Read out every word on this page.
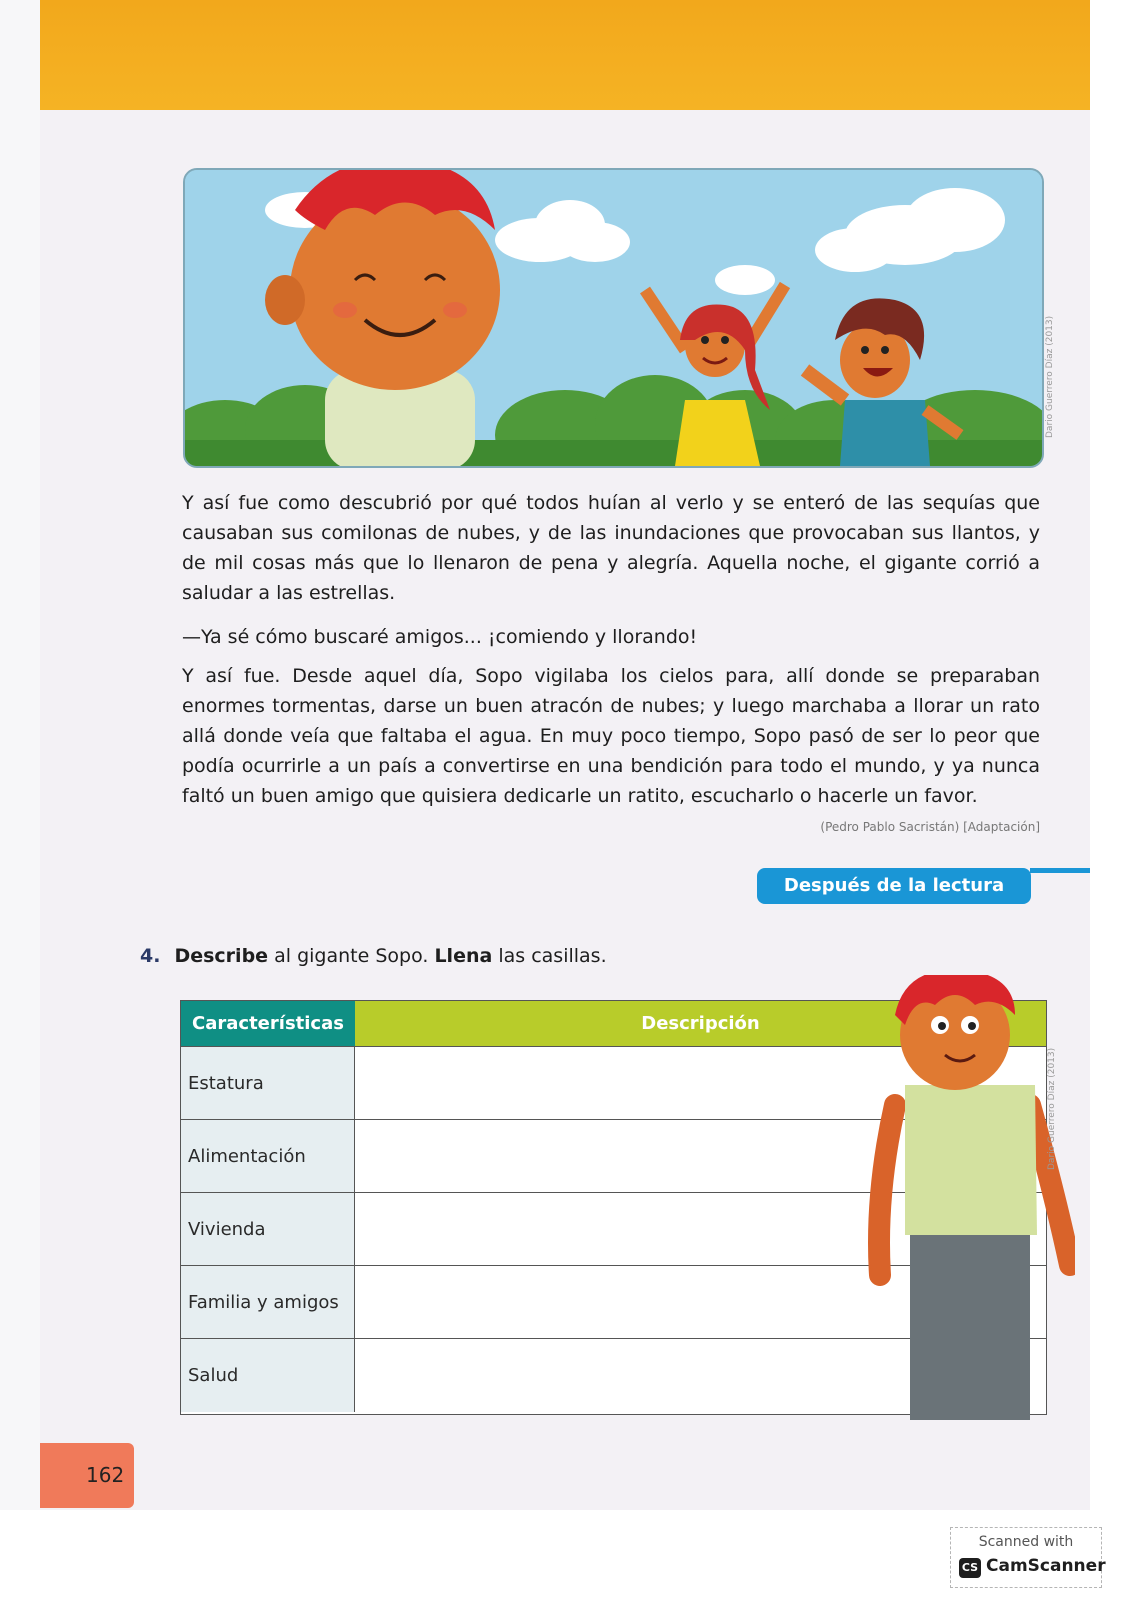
Dario Guerrero Díaz (2013)
Y así fue como descubrió por qué todos huían al verlo y se enteró de las sequías que causaban sus comilonas de nubes, y de las inundaciones que provocaban sus llantos, y de mil cosas más que lo llenaron de pena y alegría. Aquella noche, el gigante corrió a saludar a las estrellas.
—Ya sé cómo buscaré amigos... ¡comiendo y llorando!
Y así fue. Desde aquel día, Sopo vigilaba los cielos para, allí donde se preparaban enormes tormentas, darse un buen atracón de nubes; y luego marchaba a llorar un rato allá donde veía que faltaba el agua. En muy poco tiempo, Sopo pasó de ser lo peor que podía ocurrirle a un país a convertirse en una bendición para todo el mundo, y ya nunca faltó un buen amigo que quisiera dedicarle un ratito, escucharlo o hacerle un favor.
(Pedro Pablo Sacristán) [Adaptación]
Después de la lectura
4. Describe al gigante Sopo. Llena las casillas.
Características	Descripción
Estatura
Alimentación
Vivienda
Familia y amigos
Salud
Dario Guerrero Díaz (2013)
162
Scanned with
CS CamScanner
